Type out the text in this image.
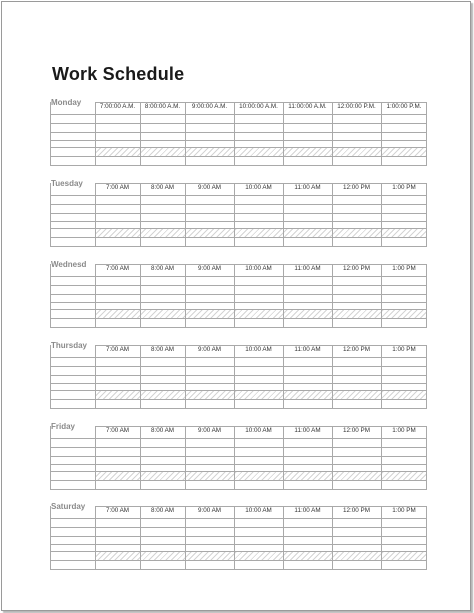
Work Schedule
Monday	7:00:00 A.M.	8:00:00 A.M.	9:00:00 A.M.	10:00:00 A.M.	11:00:00 A.M.	12:00:00 P.M.	1:00:00 P.M.
Tuesday	7:00 AM	8:00 AM	9:00 AM	10:00 AM	11:00 AM	12:00 PM	1:00 PM
Wednesd	7:00 AM	8:00 AM	9:00 AM	10:00 AM	11:00 AM	12:00 PM	1:00 PM
Thursday	7:00 AM	8:00 AM	9:00 AM	10:00 AM	11:00 AM	12:00 PM	1:00 PM
Friday	7:00 AM	8:00 AM	9:00 AM	10:00 AM	11:00 AM	12:00 PM	1:00 PM
Saturday	7:00 AM	8:00 AM	9:00 AM	10:00 AM	11:00 AM	12:00 PM	1:00 PM
